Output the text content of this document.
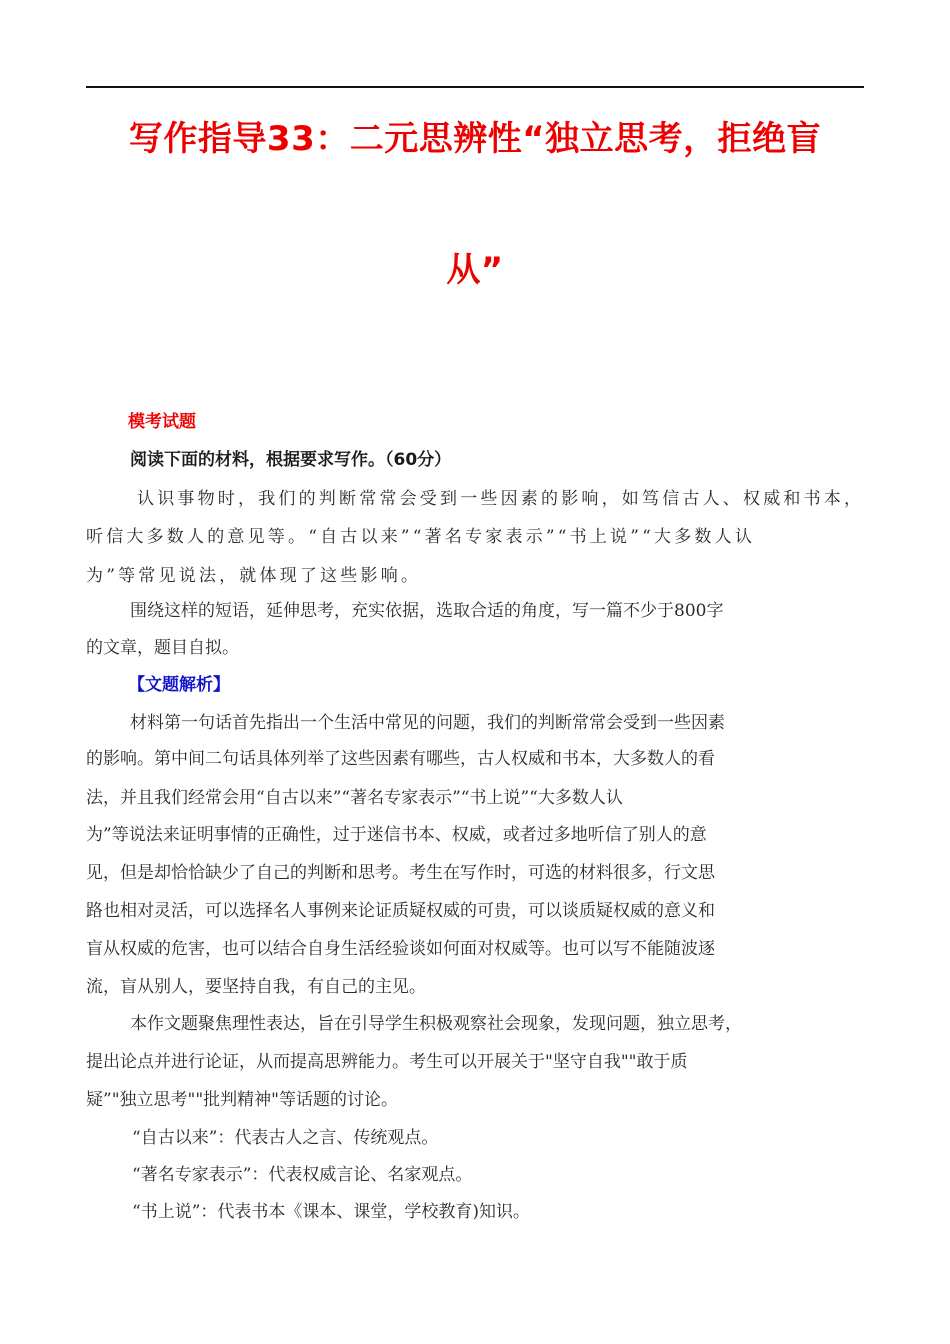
写作指导33：二元思辨性“独立思考，拒绝盲
从”
模考试题
阅读下面的材料，根据要求写作。（60分）
认识事物时，我们的判断常常会受到一些因素的影响，如笃信古人、权威和书本，
听信大多数人的意见等。“自古以来”“著名专家表示”“书上说”“大多数人认
为”等常见说法，就体现了这些影响。
围绕这样的短语，延伸思考，充实依据，选取合适的角度，写一篇不少于800字
的文章，题目自拟。
【文题解析】
材料第一句话首先指出一个生活中常见的问题，我们的判断常常会受到一些因素
的影响。第中间二句话具体列举了这些因素有哪些，古人权威和书本，大多数人的看
法，并且我们经常会用“自古以来”“著名专家表示”“书上说”“大多数人认
为”等说法来证明事情的正确性，过于迷信书本、权威，或者过多地听信了别人的意
见，但是却恰恰缺少了自己的判断和思考。考生在写作时，可选的材料很多，行文思
路也相对灵活，可以选择名人事例来论证质疑权威的可贵，可以谈质疑权威的意义和
盲从权威的危害，也可以结合自身生活经验谈如何面对权威等。也可以写不能随波逐
流，盲从别人，要坚持自我，有自己的主见。
本作文题聚焦理性表达，旨在引导学生积极观察社会现象，发现问题，独立思考，
提出论点并进行论证，从而提高思辨能力。考生可以开展关于"坚守自我""敢于质
疑”"独立思考""批判精神"等话题的讨论。
“自古以来”：代表古人之言、传统观点。
“著名专家表示”：代表权威言论、名家观点。
“书上说”：代表书本《课本、课堂，学校教育)知识。
